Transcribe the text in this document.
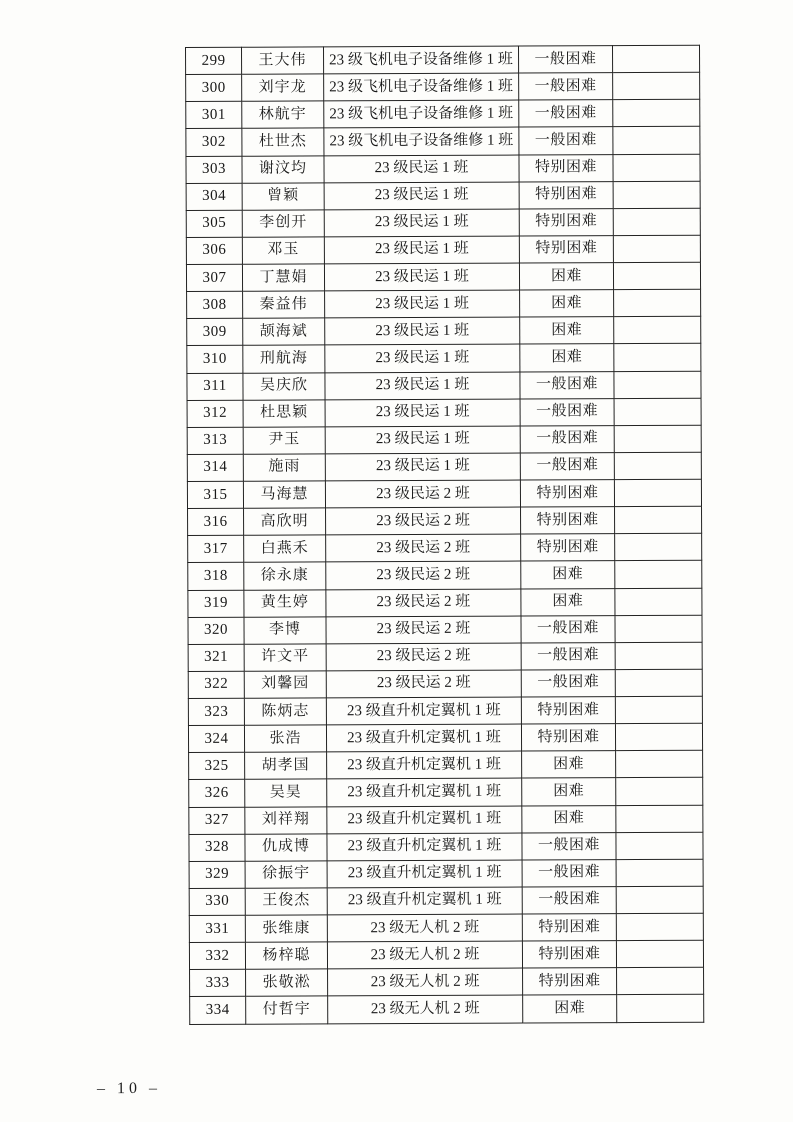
299	王大伟	23 级飞机电子设备维修 1 班	一般困难	
300	刘宇龙	23 级飞机电子设备维修 1 班	一般困难	
301	林航宇	23 级飞机电子设备维修 1 班	一般困难	
302	杜世杰	23 级飞机电子设备维修 1 班	一般困难	
303	谢汶均	23 级民运 1 班	特别困难	
304	曾颖	23 级民运 1 班	特别困难	
305	李创开	23 级民运 1 班	特别困难	
306	邓玉	23 级民运 1 班	特别困难	
307	丁慧娟	23 级民运 1 班	困难	
308	秦益伟	23 级民运 1 班	困难	
309	颉海斌	23 级民运 1 班	困难	
310	刑航海	23 级民运 1 班	困难	
311	吴庆欣	23 级民运 1 班	一般困难	
312	杜思颖	23 级民运 1 班	一般困难	
313	尹玉	23 级民运 1 班	一般困难	
314	施雨	23 级民运 1 班	一般困难	
315	马海慧	23 级民运 2 班	特别困难	
316	高欣明	23 级民运 2 班	特别困难	
317	白燕禾	23 级民运 2 班	特别困难	
318	徐永康	23 级民运 2 班	困难	
319	黄生婷	23 级民运 2 班	困难	
320	李博	23 级民运 2 班	一般困难	
321	许文平	23 级民运 2 班	一般困难	
322	刘馨园	23 级民运 2 班	一般困难	
323	陈炳志	23 级直升机定翼机 1 班	特别困难	
324	张浩	23 级直升机定翼机 1 班	特别困难	
325	胡孝国	23 级直升机定翼机 1 班	困难	
326	吴昊	23 级直升机定翼机 1 班	困难	
327	刘祥翔	23 级直升机定翼机 1 班	困难	
328	仇成博	23 级直升机定翼机 1 班	一般困难	
329	徐振宇	23 级直升机定翼机 1 班	一般困难	
330	王俊杰	23 级直升机定翼机 1 班	一般困难	
331	张维康	23 级无人机 2 班	特别困难	
332	杨梓聪	23 级无人机 2 班	特别困难	
333	张敬淞	23 级无人机 2 班	特别困难	
334	付哲宇	23 级无人机 2 班	困难	
– 10 –
